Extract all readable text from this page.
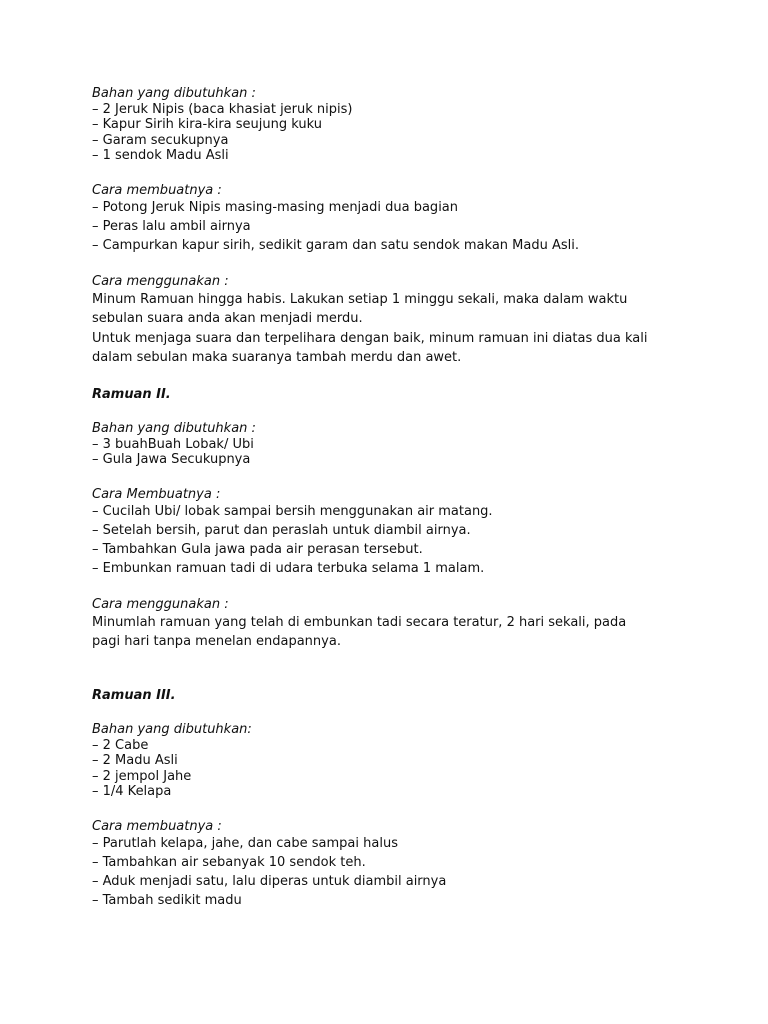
Bahan yang dibutuhkan :
– 2 Jeruk Nipis (baca khasiat jeruk nipis)
– Kapur Sirih kira-kira seujung kuku
– Garam secukupnya
– 1 sendok Madu Asli
Cara membuatnya :
– Potong Jeruk Nipis masing-masing menjadi dua bagian
– Peras lalu ambil airnya
– Campurkan kapur sirih, sedikit garam dan satu sendok makan Madu Asli.
Cara menggunakan :
Minum Ramuan hingga habis. Lakukan setiap 1 minggu sekali, maka dalam waktu
sebulan suara anda akan menjadi merdu.
Untuk menjaga suara dan terpelihara dengan baik, minum ramuan ini diatas dua kali
dalam sebulan maka suaranya tambah merdu dan awet.
Ramuan II.
Bahan yang dibutuhkan :
– 3 buahBuah Lobak/ Ubi
– Gula Jawa Secukupnya
Cara Membuatnya :
– Cucilah Ubi/ lobak sampai bersih menggunakan air matang.
– Setelah bersih, parut dan peraslah untuk diambil airnya.
– Tambahkan Gula jawa pada air perasan tersebut.
– Embunkan ramuan tadi di udara terbuka selama 1 malam.
Cara menggunakan :
Minumlah ramuan yang telah di embunkan tadi secara teratur, 2 hari sekali, pada
pagi hari tanpa menelan endapannya.
Ramuan III.
Bahan yang dibutuhkan:
– 2 Cabe
– 2 Madu Asli
– 2 jempol Jahe
– 1/4 Kelapa
Cara membuatnya :
– Parutlah kelapa, jahe, dan cabe sampai halus
– Tambahkan air sebanyak 10 sendok teh.
– Aduk menjadi satu, lalu diperas untuk diambil airnya
– Tambah sedikit madu
